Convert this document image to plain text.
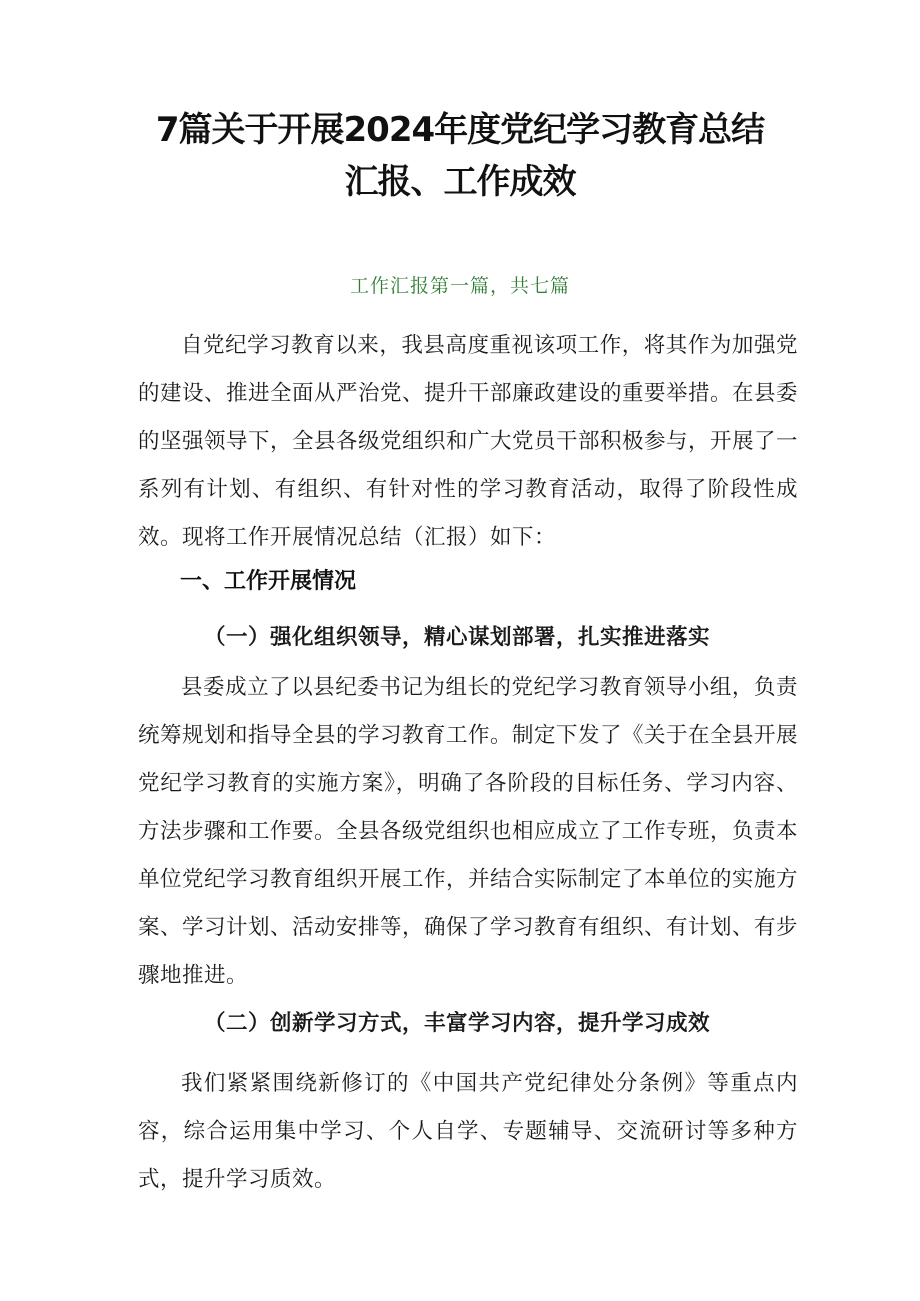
7篇关于开展2024年度党纪学习教育总结
汇报、工作成效
工作汇报第一篇，共七篇

自党纪学习教育以来，我县高度重视该项工作，将其作为加强党的建设、推进全面从严治党、提升干部廉政建设的重要举措。在县委的坚强领导下，全县各级党组织和广大党员干部积极参与，开展了一系列有计划、有组织、有针对性的学习教育活动，取得了阶段性成效。现将工作开展情况总结（汇报）如下：

一、工作开展情况
（一）强化组织领导，精心谋划部署，扎实推进落实

县委成立了以县纪委书记为组长的党纪学习教育领导小组，负责统筹规划和指导全县的学习教育工作。制定下发了《关于在全县开展党纪学习教育的实施方案》，明确了各阶段的目标任务、学习内容、方法步骤和工作要。全县各级党组织也相应成立了工作专班，负责本单位党纪学习教育组织开展工作，并结合实际制定了本单位的实施方案、学习计划、活动安排等，确保了学习教育有组织、有计划、有步骤地推进。

（二）创新学习方式，丰富学习内容，提升学习成效

我们紧紧围绕新修订的《中国共产党纪律处分条例》等重点内容，综合运用集中学习、个人自学、专题辅导、交流研讨等多种方式，提升学习质效。
